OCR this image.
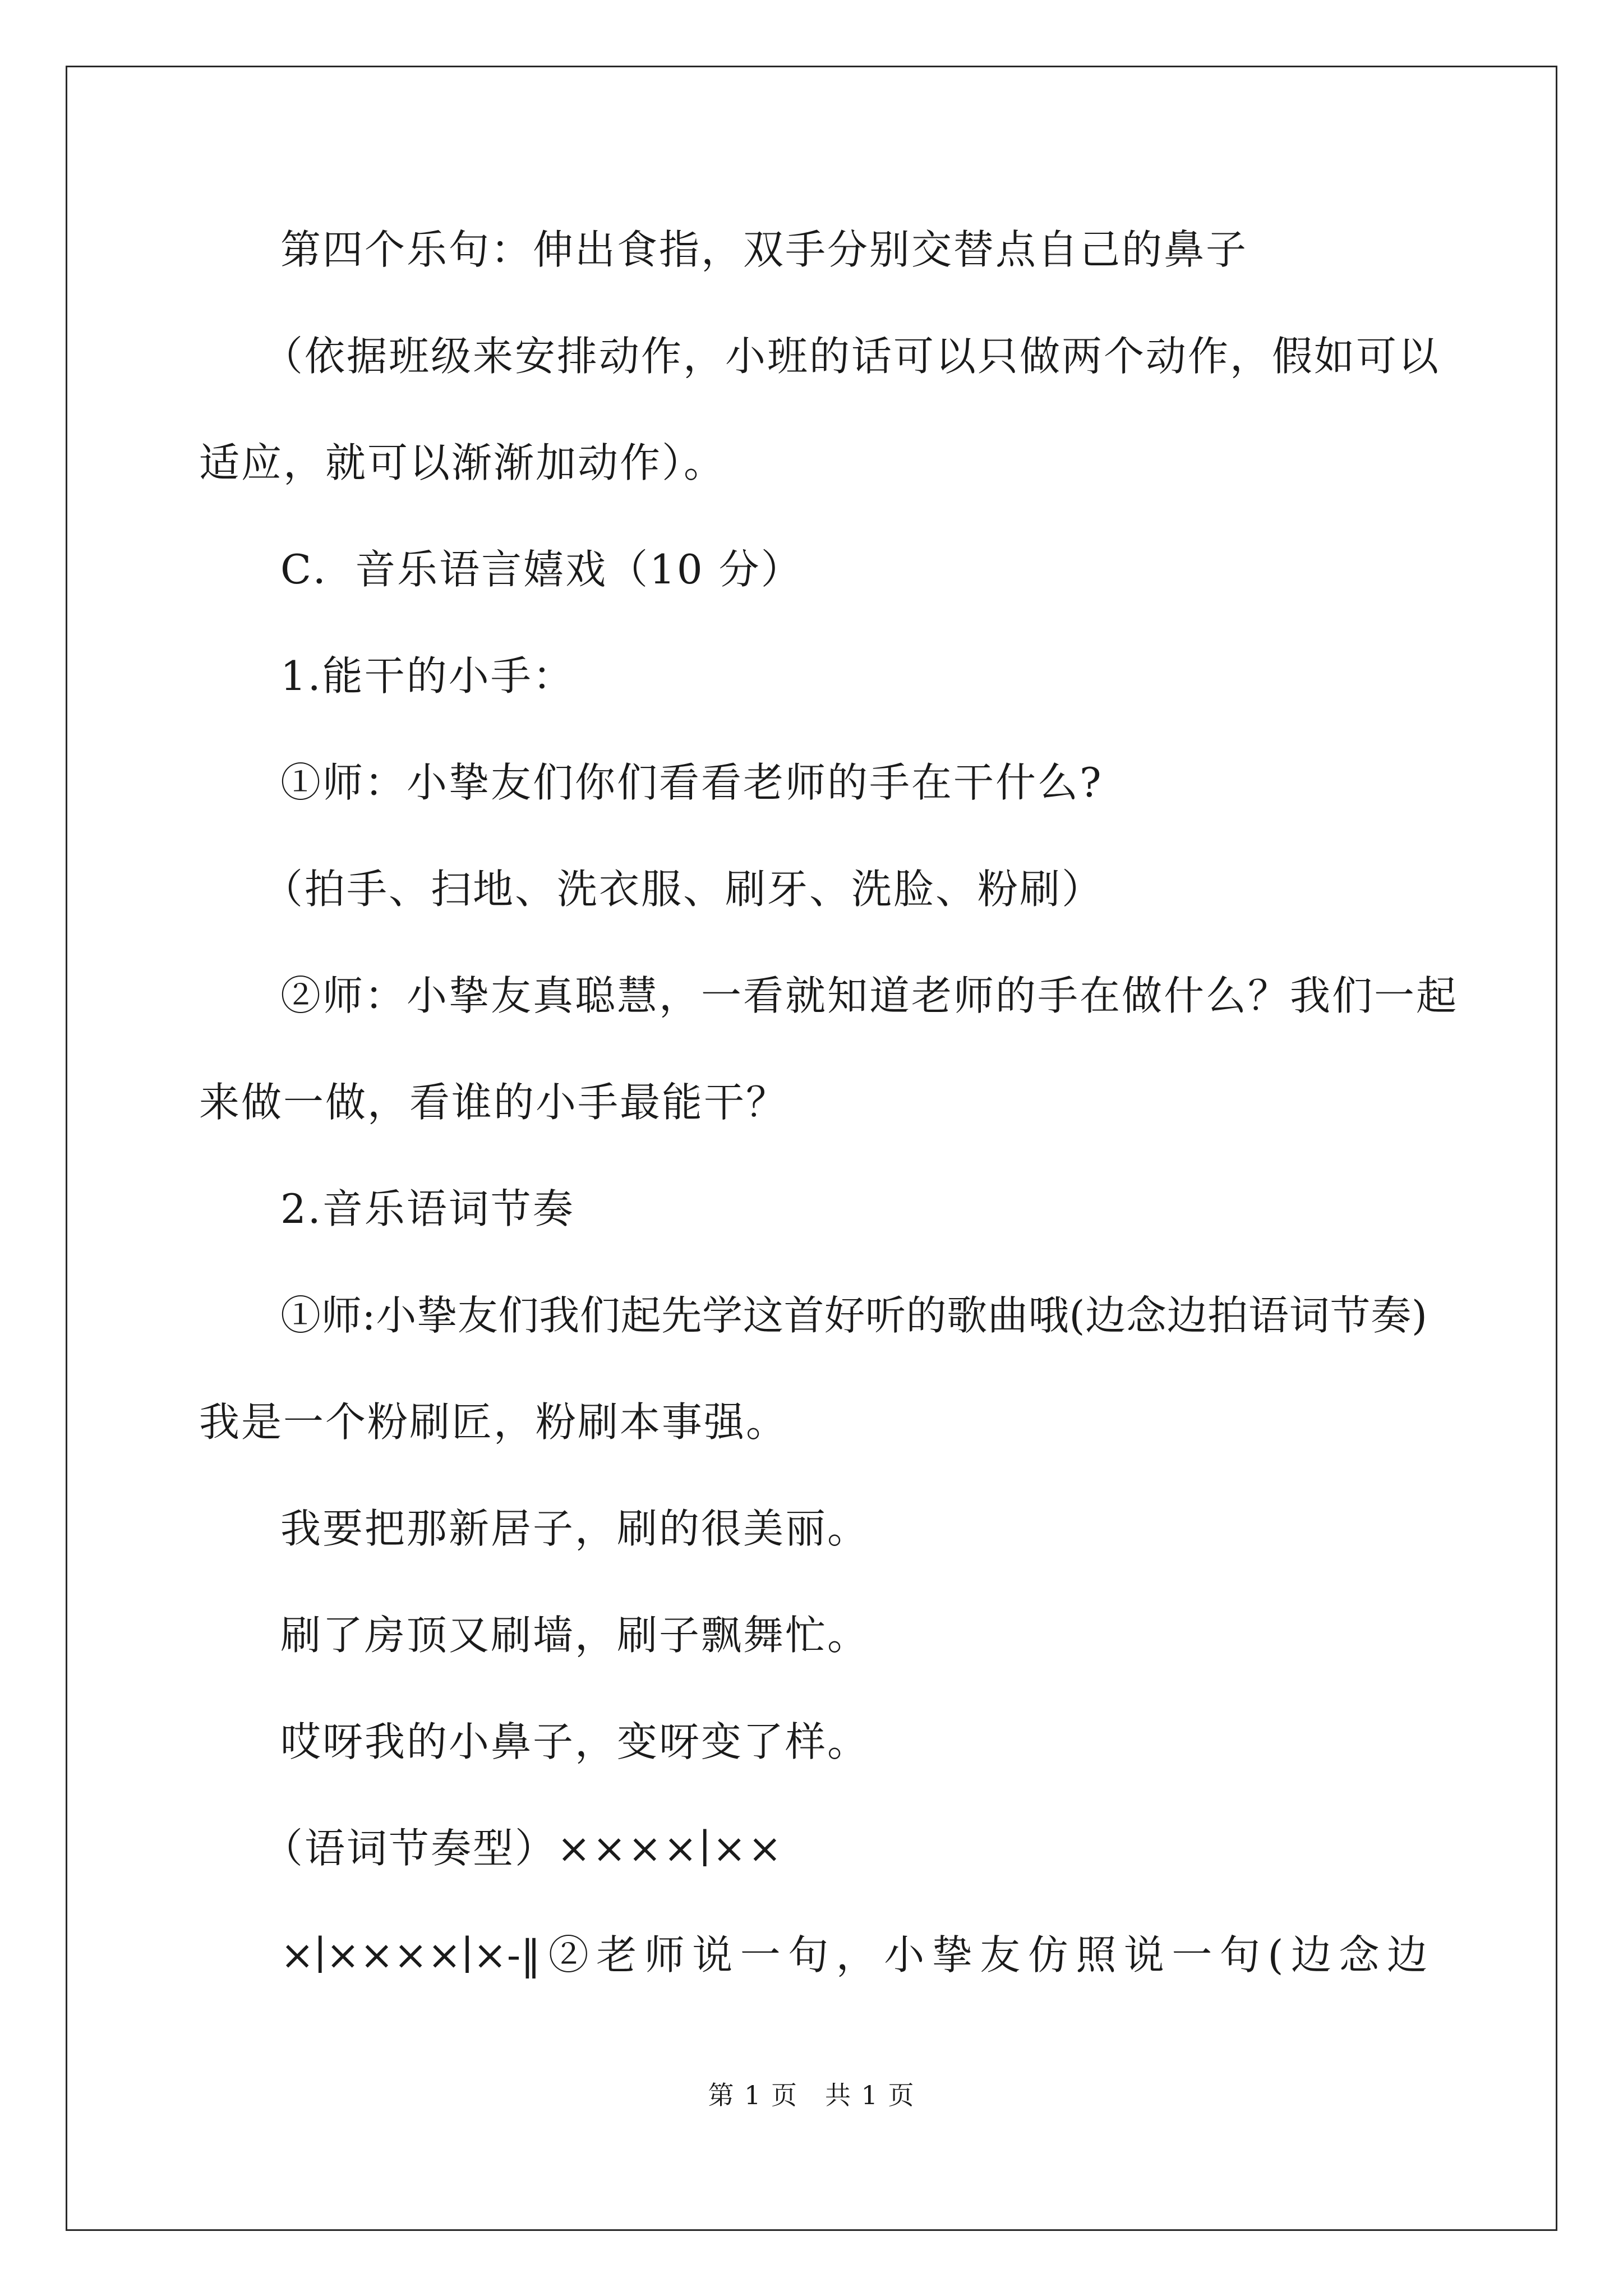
第四个乐句：伸出食指，双手分别交替点自己的鼻子
（依据班级来安排动作，小班的话可以只做两个动作，假如可以
适应，就可以渐渐加动作）。
C．音乐语言嬉戏（10 分）
1.能干的小手：
①师：小挚友们你们看看老师的手在干什么?
（拍手、扫地、洗衣服、刷牙、洗脸、粉刷）
②师：小挚友真聪慧，一看就知道老师的手在做什么？我们一起
来做一做，看谁的小手最能干？
2.音乐语词节奏
①师:小挚友们我们起先学这首好听的歌曲哦(边念边拍语词节奏)
我是一个粉刷匠，粉刷本事强。
我要把那新居子，刷的很美丽。
刷了房顶又刷墙，刷子飘舞忙。
哎呀我的小鼻子，变呀变了样。
（语词节奏型）××××∣××
×∣××××∣×-‖②老师说一句，小挚友仿照说一句(边念边
第 1 页　共 1 页
